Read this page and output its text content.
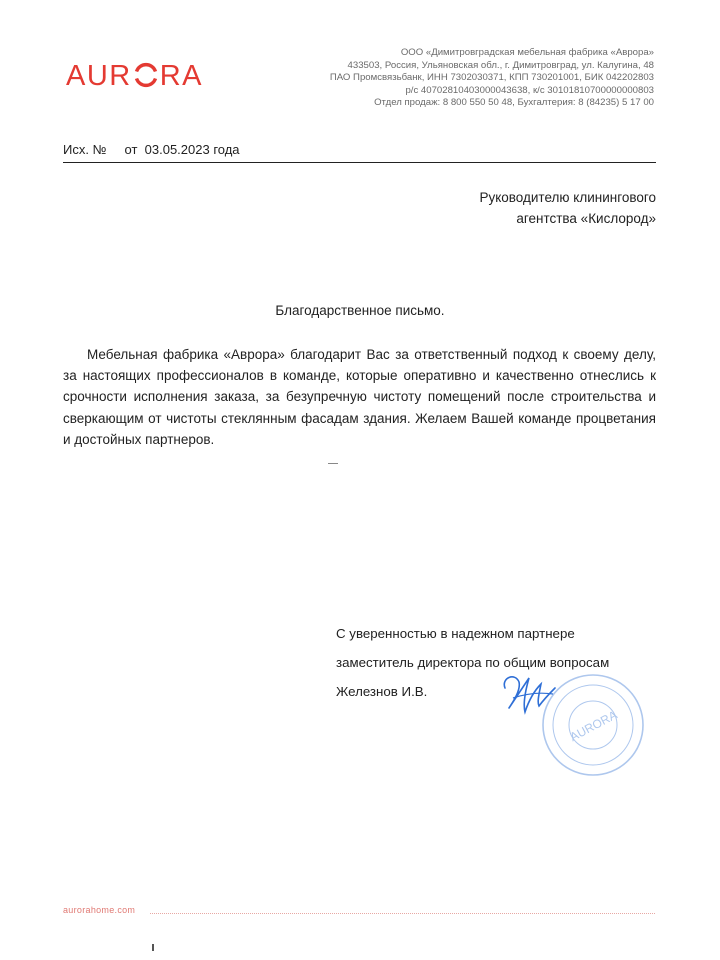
AUR RA
ООО «Димитровградская мебельная фабрика «Аврора»
433503, Россия, Ульяновская обл., г. Димитровград, ул. Калугина, 48
ПАО Промсвязьбанк, ИНН 7302030371, КПП 730201001, БИК 042202803
р/с 40702810403000043638, к/с 30101810700000000803
Отдел продаж: 8 800 550 50 48, Бухгалтерия: 8 (84235) 5 17 00
Исх. № от  03.05.2023 года
Руководителю клинингового
агентства «Кислород»
Благодарственное письмо.
Мебельная фабрика «Аврора» благодарит Вас за ответственный подход к своему делу, за настоящих профессионалов в команде, которые оперативно и качественно отнеслись к срочности исполнения заказа, за безупречную чистоту помещений после строительства и сверкающим от чистоты стеклянным фасадам здания. Желаем Вашей команде процветания и достойных партнеров.
С уверенностью в надежном партнере
заместитель директора по общим вопросам
Железнов И.В.
AURORA
aurorahome.com
